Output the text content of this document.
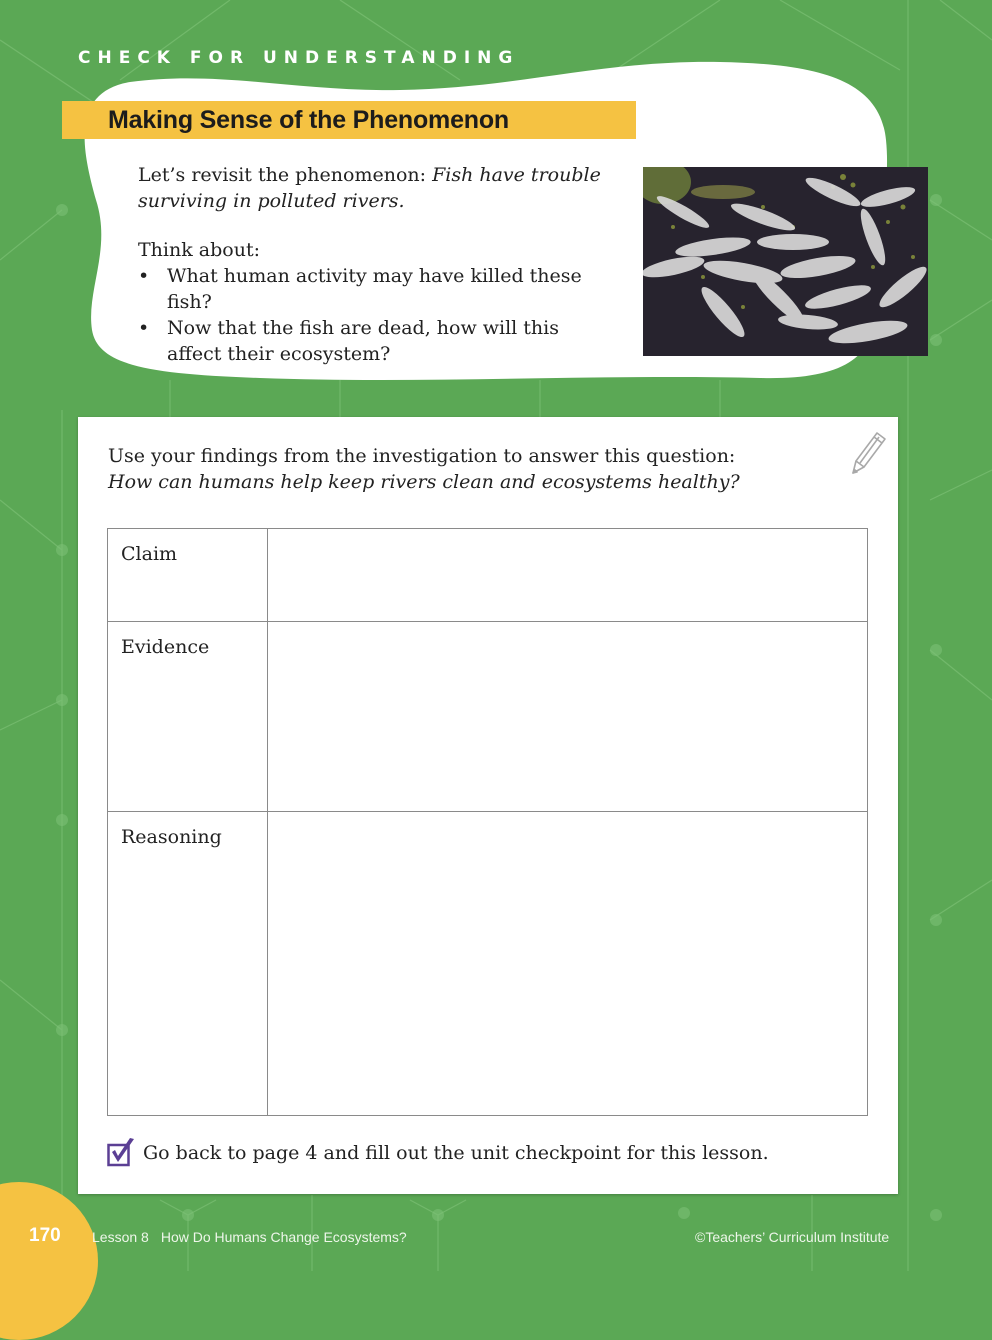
CHECK FOR UNDERSTANDING
Making Sense of the Phenomenon

Let’s revisit the phenomenon: Fish have trouble surviving in polluted rivers.

Think about:

• What human activity may have killed these fish?
• Now that the fish are dead, how will this affect their ecosystem?
Use your findings from the investigation to answer this question:
How can humans help keep rivers clean and ecosystems healthy?
Claim	
Evidence	
Reasoning	
Go back to page 4 and fill out the unit checkpoint for this lesson.
170 Lesson 8 How Do Humans Change Ecosystems?	©Teachers’ Curriculum Institute
